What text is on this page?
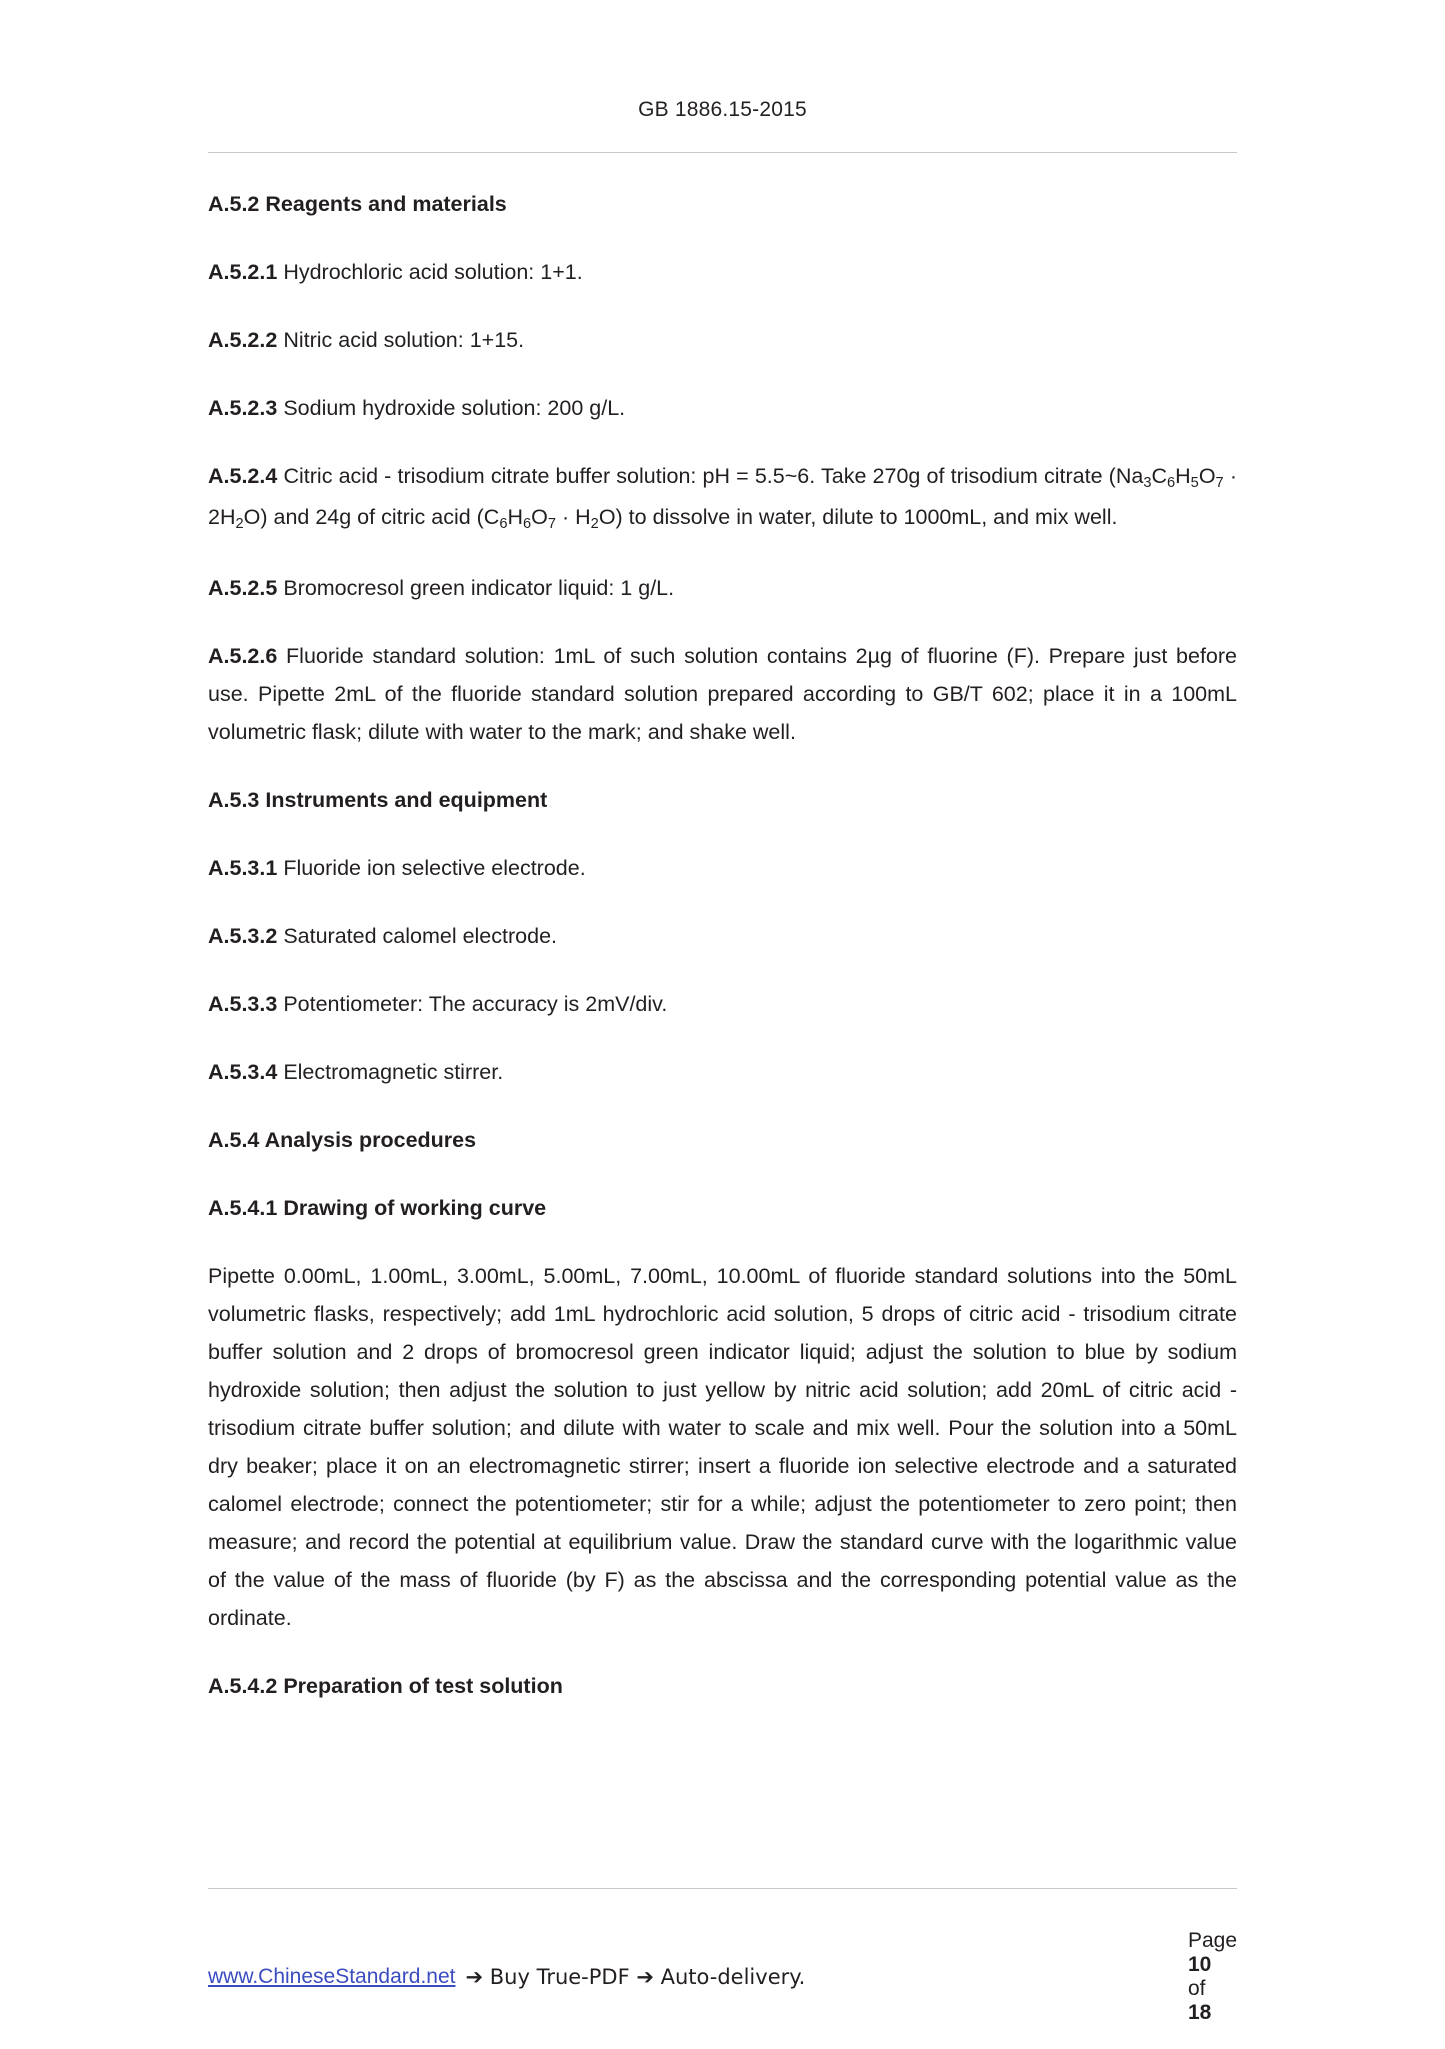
GB 1886.15-2015

A.5.2 Reagents and materials

A.5.2.1 Hydrochloric acid solution: 1+1.

A.5.2.2 Nitric acid solution: 1+15.

A.5.2.3 Sodium hydroxide solution: 200 g/L.

A.5.2.4 Citric acid - trisodium citrate buffer solution: pH = 5.5~6. Take 270g of trisodium citrate $(Na_3C_6H_5O_7 \cdot 2H_2O)$ and 24g of citric acid $(C_6H_6O_7 \cdot H_2O)$ to dissolve in water, dilute to 1000mL, and mix well.

A.5.2.5 Bromocresol green indicator liquid: 1 g/L.

A.5.2.6 Fluoride standard solution: 1mL of such solution contains 2µg of fluorine (F). Prepare just before use. Pipette 2mL of the fluoride standard solution prepared according to GB/T 602; place it in a 100mL volumetric flask; dilute with water to the mark; and shake well.

A.5.3 Instruments and equipment

A.5.3.1 Fluoride ion selective electrode.

A.5.3.2 Saturated calomel electrode.

A.5.3.3 Potentiometer: The accuracy is 2mV/div.

A.5.3.4 Electromagnetic stirrer.

A.5.4 Analysis procedures

A.5.4.1 Drawing of working curve

Pipette 0.00mL, 1.00mL, 3.00mL, 5.00mL, 7.00mL, 10.00mL of fluoride standard solutions into the 50mL volumetric flasks, respectively; add 1mL hydrochloric acid solution, 5 drops of citric acid - trisodium citrate buffer solution and 2 drops of bromocresol green indicator liquid; adjust the solution to blue by sodium hydroxide solution; then adjust the solution to just yellow by nitric acid solution; add 20mL of citric acid - trisodium citrate buffer solution; and dilute with water to scale and mix well. Pour the solution into a 50mL dry beaker; place it on an electromagnetic stirrer; insert a fluoride ion selective electrode and a saturated calomel electrode; connect the potentiometer; stir for a while; adjust the potentiometer to zero point; then measure; and record the potential at equilibrium value. Draw the standard curve with the logarithmic value of the value of the mass of fluoride (by F) as the abscissa and the corresponding potential value as the ordinate.

A.5.4.2 Preparation of test solution

www.ChineseStandard.net ➔ Buy True-PDF ➔ Auto-delivery.

Page
10
of
18
